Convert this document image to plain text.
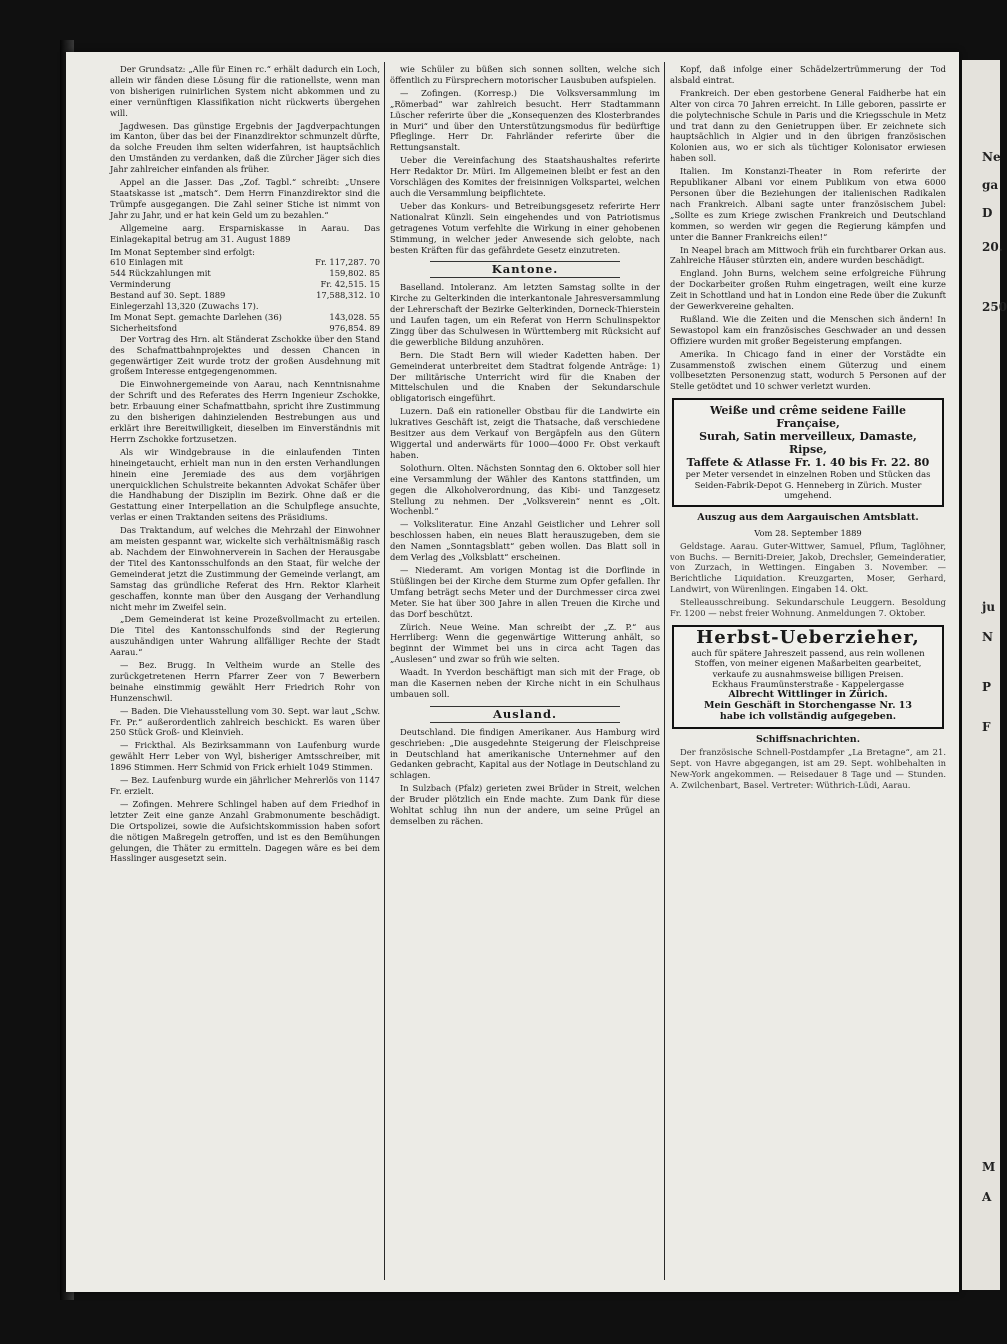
Der Grundsatz: „Alle für Einen rc.“ erhält dadurch ein Loch, allein wir fänden diese Lösung für die rationellste, wenn man von bisherigen ruinirlichen System nicht abkommen und zu einer vernünftigen Klassifikation nicht rückwerts übergehen will.

Jagdwesen. Das günstige Ergebnis der Jagdverpachtungen im Kanton, über das bei der Finanzdirektor schmunzelt dürfte, da solche Freuden ihm selten widerfahren, ist hauptsächlich den Umständen zu verdanken, daß die Zürcher Jäger sich dies Jahr zahlreicher einfanden als früher.

Appel an die Jasser. Das „Zof. Tagbl.“ schreibt: „Unsere Staatskasse ist „matsch“. Dem Herrn Finanzdirektor sind die Trümpfe ausgegangen. Die Zahl seiner Stiche ist nimmt von Jahr zu Jahr, und er hat kein Geld um zu bezahlen.“

Allgemeine aarg. Ersparniskasse in Aarau. Das Einlagekapital betrug am 31. August 1889

Im Monat September sind erfolgt:	
610 Einlagen mit	Fr. 117,287. 70
544 Rückzahlungen mit	159,802. 85
Verminderung	Fr. 42,515. 15
Bestand auf 30. Sept. 1889	17,588,312. 10
Einlegerzahl 13,320 (Zuwachs 17).	
Im Monat Sept. gemachte Darlehen (36)	143,028. 55
Sicherheitsfond	976,854. 89

Der Vortrag des Hrn. alt Ständerat Zschokke über den Stand des Schafmattbahnprojektes und dessen Chancen in gegenwärtiger Zeit wurde trotz der großen Ausdehnung mit großem Interesse entgegengenommen.

Die Einwohnergemeinde von Aarau, nach Kenntnisnahme der Schrift und des Referates des Herrn Ingenieur Zschokke, betr. Erbauung einer Schafmattbahn, spricht ihre Zustimmung zu den bisherigen dahinzielenden Bestrebungen aus und erklärt ihre Bereitwilligkeit, dieselben im Einverständnis mit Herrn Zschokke fortzusetzen.

Als wir Windgebrause in die einlaufenden Tinten hineingetaucht, erhielt man nun in den ersten Verhandlungen hinein eine Jeremiade des aus dem vorjährigen unerquicklichen Schulstreite bekannten Advokat Schäfer über die Handhabung der Disziplin im Bezirk. Ohne daß er die Gestattung einer Interpellation an die Schulpflege ansuchte, verlas er einen Traktanden seitens des Präsidiums.

Das Traktandum, auf welches die Mehrzahl der Einwohner am meisten gespannt war, wickelte sich verhältnismäßig rasch ab. Nachdem der Einwohnerverein in Sachen der Herausgabe der Titel des Kantonsschulfonds an den Staat, für welche der Gemeinderat jetzt die Zustimmung der Gemeinde verlangt, am Samstag das gründliche Referat des Hrn. Rektor Klarheit geschaffen, konnte man über den Ausgang der Verhandlung nicht mehr im Zweifel sein.

„Dem Gemeinderat ist keine Prozeßvollmacht zu erteilen. Die Titel des Kantonsschulfonds sind der Regierung auszuhändigen unter Wahrung allfälliger Rechte der Stadt Aarau.“

— Bez. Brugg. In Veltheim wurde an Stelle des zurückgetretenen Herrn Pfarrer Zeer von 7 Bewerbern beinahe einstimmig gewählt Herr Friedrich Rohr von Hunzenschwil.

— Baden. Die Viehausstellung vom 30. Sept. war laut „Schw. Fr. Pr.“ außerordentlich zahlreich beschickt. Es waren über 250 Stück Groß- und Kleinvieh.

— Frickthal. Als Bezirksammann von Laufenburg wurde gewählt Herr Leber von Wyl, bisheriger Amtsschreiber, mit 1896 Stimmen. Herr Schmid von Frick erhielt 1049 Stimmen.

— Bez. Laufenburg wurde ein jährlicher Mehrerlös von 1147 Fr. erzielt.

— Zofingen. Mehrere Schlingel haben auf dem Friedhof in letzter Zeit eine ganze Anzahl Grabmonumente beschädigt. Die Ortspolizei, sowie die Aufsichtskommission haben sofort die nötigen Maßregeln getroffen, und ist es den Bemühungen gelungen, die Thäter zu ermitteln. Dagegen wäre es bei dem Hasslinger ausgesetzt sein.

wie Schüler zu büßen sich sonnen sollten, welche sich öffentlich zu Fürsprechern motorischer Lausbuben aufspielen.

— Zofingen. (Korresp.) Die Volksversammlung im „Römerbad“ war zahlreich besucht. Herr Stadtammann Lüscher referirte über die „Konsequenzen des Klosterbrandes in Muri“ und über den Unterstützungsmodus für bedürftige Pfleglinge. Herr Dr. Fahrländer referirte über die Rettungsanstalt.

Ueber die Vereinfachung des Staatshaushaltes referirte Herr Redaktor Dr. Müri. Im Allgemeinen bleibt er fest an den Vorschlägen des Komites der freisinnigen Volkspartei, welchen auch die Versammlung beipflichtete.

Ueber das Konkurs- und Betreibungsgesetz referirte Herr Nationalrat Künzli. Sein eingehendes und von Patriotismus getragenes Votum verfehlte die Wirkung in einer gehobenen Stimmung, in welcher jeder Anwesende sich gelobte, nach besten Kräften für das gefährdete Gesetz einzutreten.

Kantone.

Baselland. Intoleranz. Am letzten Samstag sollte in der Kirche zu Gelterkinden die interkantonale Jahresversammlung der Lehrerschaft der Bezirke Gelterkinden, Dorneck-Thierstein und Laufen tagen, um ein Referat von Herrn Schulinspektor Zingg über das Schulwesen in Württemberg mit Rücksicht auf die gewerbliche Bildung anzuhören.

Bern. Die Stadt Bern will wieder Kadetten haben. Der Gemeinderat unterbreitet dem Stadtrat folgende Anträge: 1) Der militärische Unterricht wird für die Knaben der Mittelschulen und die Knaben der Sekundarschule obligatorisch eingeführt.

Luzern. Daß ein rationeller Obstbau für die Landwirte ein lukratives Geschäft ist, zeigt die Thatsache, daß verschiedene Besitzer aus dem Verkauf von Bergäpfeln aus den Gütern Wiggertal und anderwärts für 1000—4000 Fr. Obst verkauft haben.

Solothurn. Olten. Nächsten Sonntag den 6. Oktober soll hier eine Versammlung der Wähler des Kantons stattfinden, um gegen die Alkoholverordnung, das Kibi- und Tanzgesetz Stellung zu nehmen. Der „Volksverein“ nennt es „Olt. Wochenbl.“

— Volksliteratur. Eine Anzahl Geistlicher und Lehrer soll beschlossen haben, ein neues Blatt herauszugeben, dem sie den Namen „Sonntagsblatt“ geben wollen. Das Blatt soll in dem Verlag des „Volksblatt“ erscheinen.

— Niederamt. Am vorigen Montag ist die Dorflinde in Stüßlingen bei der Kirche dem Sturme zum Opfer gefallen. Ihr Umfang beträgt sechs Meter und der Durchmesser circa zwei Meter. Sie hat über 300 Jahre in allen Treuen die Kirche und das Dorf beschützt.

Zürich. Neue Weine. Man schreibt der „Z. P.“ aus Herrliberg: Wenn die gegenwärtige Witterung anhält, so beginnt der Wimmet bei uns in circa acht Tagen das „Auslesen“ und zwar so früh wie selten.

Waadt. In Yverdon beschäftigt man sich mit der Frage, ob man die Kasernen neben der Kirche nicht in ein Schulhaus umbauen soll.

Ausland.

Deutschland. Die findigen Amerikaner. Aus Hamburg wird geschrieben: „Die ausgedehnte Steigerung der Fleischpreise in Deutschland hat amerikanische Unternehmer auf den Gedanken gebracht, Kapital aus der Notlage in Deutschland zu schlagen.

In Sulzbach (Pfalz) gerieten zwei Brüder in Streit, welchen der Bruder plötzlich ein Ende machte. Zum Dank für diese Wohltat schlug ihn nun der andere, um seine Prügel an demselben zu rächen.

Kopf, daß infolge einer Schädelzertrümmerung der Tod alsbald eintrat.

Frankreich. Der eben gestorbene General Faidherbe hat ein Alter von circa 70 Jahren erreicht. In Lille geboren, passirte er die polytechnische Schule in Paris und die Kriegsschule in Metz und trat dann zu den Genietruppen über. Er zeichnete sich hauptsächlich in Algier und in den übrigen französischen Kolonien aus, wo er sich als tüchtiger Kolonisator erwiesen haben soll.

Italien. Im Konstanzi-Theater in Rom referirte der Republikaner Albani vor einem Publikum von etwa 6000 Personen über die Beziehungen der italienischen Radikalen nach Frankreich. Albani sagte unter französischem Jubel: „Sollte es zum Kriege zwischen Frankreich und Deutschland kommen, so werden wir gegen die Regierung kämpfen und unter die Banner Frankreichs eilen!“

In Neapel brach am Mittwoch früh ein furchtbarer Orkan aus. Zahlreiche Häuser stürzten ein, andere wurden beschädigt.

England. John Burns, welchem seine erfolgreiche Führung der Dockarbeiter großen Ruhm eingetragen, weilt eine kurze Zeit in Schottland und hat in London eine Rede über die Zukunft der Gewerkvereine gehalten.

Rußland. Wie die Zeiten und die Menschen sich ändern! In Sewastopol kam ein französisches Geschwader an und dessen Offiziere wurden mit großer Begeisterung empfangen.

Amerika. In Chicago fand in einer der Vorstädte ein Zusammenstoß zwischen einem Güterzug und einem vollbesetzten Personenzug statt, wodurch 5 Personen auf der Stelle getödtet und 10 schwer verletzt wurden.

Weiße und crême seidene Faille Française,
Surah, Satin merveilleux, Damaste, Ripse,
Taffete & Atlasse Fr. 1. 40 bis Fr. 22. 80
per Meter versendet in einzelnen Roben und Stücken das
Seiden-Fabrik-Depot G. Henneberg in Zürich. Muster umgehend.
Auszug aus dem Aargauischen Amtsblatt.
Vom 28. September 1889

Geldstage. Aarau. Guter-Wittwer, Samuel, Pflum, Taglöhner, von Buchs. — Berniti-Dreier, Jakob, Drechsler, Gemeinderatier, von Zurzach, in Wettingen. Eingaben 3. November. — Berichtliche Liquidation. Kreuzgarten, Moser, Gerhard, Landwirt, von Würenlingen. Eingaben 14. Okt.

Stelleausschreibung. Sekundarschule Leuggern. Besoldung Fr. 1200 — nebst freier Wohnung. Anmeldungen 7. Oktober.

Herbst-Ueberzieher,
auch für spätere Jahreszeit passend, aus rein wollenen Stoffen, von meiner eigenen Maßarbeiten gearbeitet, verkaufe zu ausnahmsweise billigen Preisen.
Eckhaus Fraumünsterstraße - Kappelergasse
Albrecht Wittlinger in Zürich.
Mein Geschäft in Storchengasse Nr. 13
habe ich vollständig aufgegeben.
Schiffsnachrichten.

Der französische Schnell-Postdampfer „La Bretagne“, am 21. Sept. von Havre abgegangen, ist am 29. Sept. wohlbehalten in New-York angekommen. — Reisedauer 8 Tage und — Stunden. A. Zwilchenbart, Basel. Vertreter: Wüthrich-Lüdi, Aarau.

Ne
ga
D
20.
250
ju
N
P
F
M
A
